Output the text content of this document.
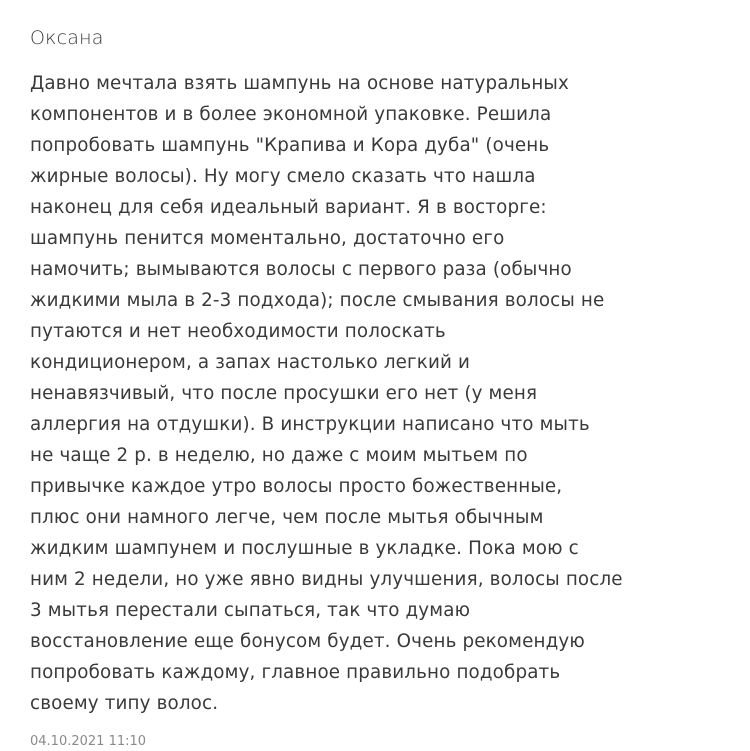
Оксана

Давно мечтала взять шампунь на основе натуральных
компонентов и в более экономной упаковке. Решила
попробовать шампунь "Крапива и Кора дуба" (очень
жирные волосы). Ну могу смело сказать что нашла
наконец для себя идеальный вариант. Я в восторге:
шампунь пенится моментально, достаточно его
намочить; вымываются волосы с первого раза (обычно
жидкими мыла в 2-3 подхода); после смывания волосы не
путаются и нет необходимости полоскать
кондиционером, а запах настолько легкий и
ненавязчивый, что после просушки его нет (у меня
аллергия на отдушки). В инструкции написано что мыть
не чаще 2 р. в неделю, но даже с моим мытьем по
привычке каждое утро волосы просто божественные,
плюс они намного легче, чем после мытья обычным
жидким шампунем и послушные в укладке. Пока мою с
ним 2 недели, но уже явно видны улучшения, волосы после
3 мытья перестали сыпаться, так что думаю
восстановление еще бонусом будет. Очень рекомендую
попробовать каждому, главное правильно подобрать
своему типу волос.

04.10.2021 11:10
